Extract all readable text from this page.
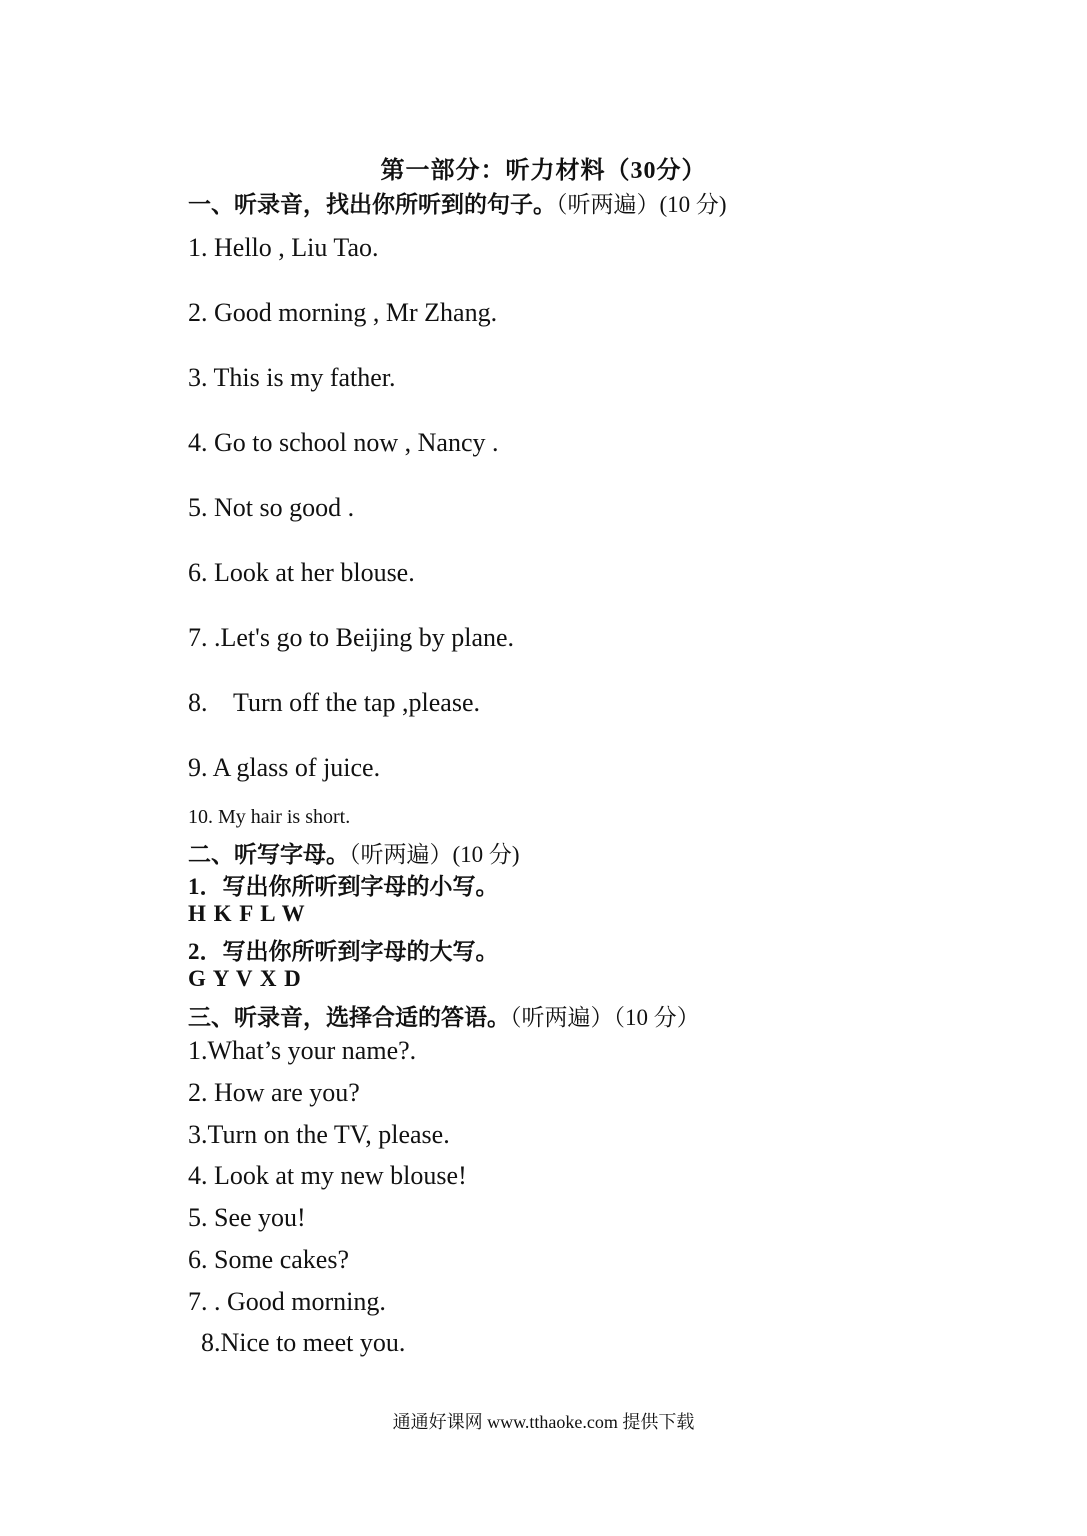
第一部分：听力材料（30分）
一、听录音，找出你所听到的句子。（听两遍）(10 分)
1. Hello , Liu Tao.
2. Good morning , Mr Zhang.
3. This is my father.
4. Go to school now , Nancy .
5. Not so good .
6. Look at her blouse.
7. .Let's go to Beijing by plane.
8.    Turn off the tap ,please.
9. A glass of juice.
10. My hair is short.
二、听写字母。（听两遍）(10 分)
1．写出你所听到字母的小写。
H K F L W
2．写出你所听到字母的大写。
G Y V X D
三、听录音，选择合适的答语。（听两遍）（10 分）
1.What’s your name?.
2. How are you?
3.Turn on the TV, please.
4. Look at my new blouse!
5. See you!
6. Some cakes?
7. . Good morning.
8.Nice to meet you.
通通好课网 www.tthaoke.com 提供下载
